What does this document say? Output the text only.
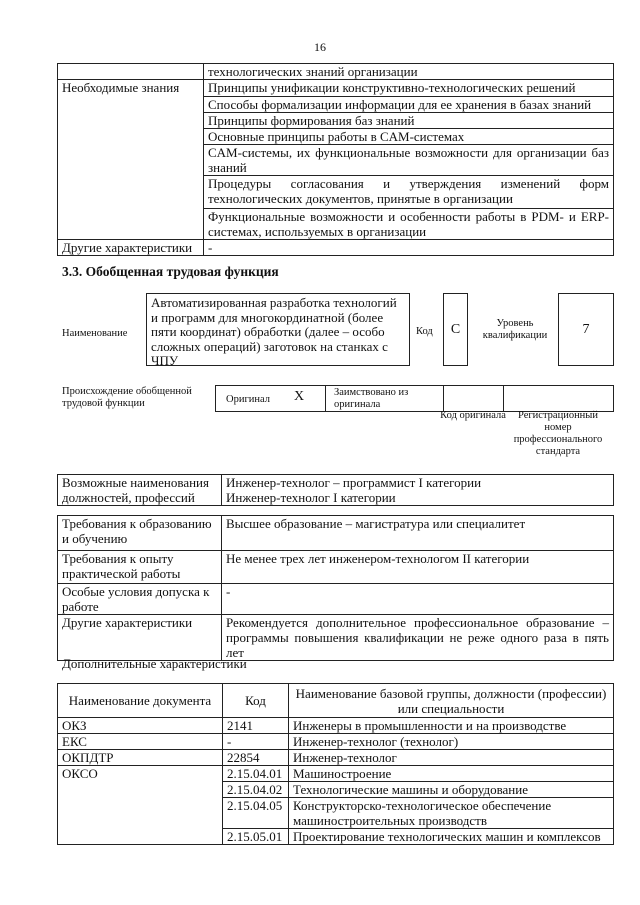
16
	технологических знаний организации
Необходимые знания	Принципы унификации конструктивно-технологических решений
	Способы формализации информации для ее хранения в базах знаний
	Принципы формирования баз знаний
	Основные принципы работы в CAM-системах
	CAM-системы, их функциональные возможности для организации баз знаний
	Процедуры согласования и утверждения изменений форм технологических документов, принятые в организации
	Функциональные возможности и особенности работы в PDM- и ERP-системах, используемых в организации
Другие характеристики	-
3.3. Обобщенная трудовая функция
Наименование
Автоматизированная разработка технологий и программ для многокординатной (более пяти координат) обработки (далее – особо сложных операций) заготовок на станках с ЧПУ
Код	C	Уровень квалификации	7
Происхождение обобщенной трудовой функции	Оригинал X	Заимствовано из оригинала
Код оригинала	Регистрационный номер профессионального стандарта
Возможные наименования должностей, профессий	
Инженер-технолог – программист I категории
Инженер-технолог I категории
Требования к образованию и обучению	Высшее образование – магистратура или специалитет
Требования к опыту практической работы	Не менее трех лет инженером-технологом II категории
Особые условия допуска к работе	-
Другие характеристики	Рекомендуется дополнительное профессиональное образование – программы повышения квалификации не реже одного раза в пять лет
Дополнительные характеристики
Наименование документа	Код	Наименование базовой группы, должности (профессии) или специальности
ОКЗ	2141	Инженеры в промышленности и на производстве
ЕКС	-	Инженер-технолог (технолог)
ОКПДТР	22854	Инженер-технолог
ОКСО	2.15.04.01	Машиностроение
	2.15.04.02	Технологические машины и оборудование
	2.15.04.05	Конструкторско-технологическое обеспечение машиностроительных производств
	2.15.05.01	Проектирование технологических машин и комплексов
